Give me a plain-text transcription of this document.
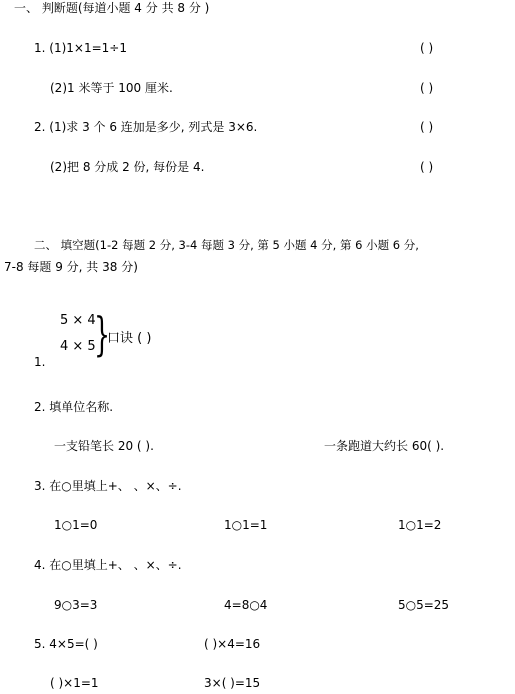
一、 判断题(每道小题 4 分 共 8 分 )
1. (1)1×1=1÷1	( )
(2)1 米等于 100 厘米.	( )
2. (1)求 3 个 6 连加是多少, 列式是 3×6.	( )
(2)把 8 分成 2 份, 每份是 4.	( )
二、 填空题(1-2 每题 2 分, 3-4 每题 3 分, 第 5 小题 4 分, 第 6 小题 6 分,
7-8 每题 9 分, 共 38 分)
5 × 4
4 × 5
}
口诀 ( )
1.
2. 填单位名称.
一支铅笔长 20 ( ).	一条跑道大约长 60( ).
3. 在○里填上+、 、×、÷.
1○1=0	1○1=1	1○1=2
4. 在○里填上+、 、×、÷.
9○3=3	4=8○4	5○5=25
5. 4×5=( )	( )×4=16
( )×1=1	3×( )=15
